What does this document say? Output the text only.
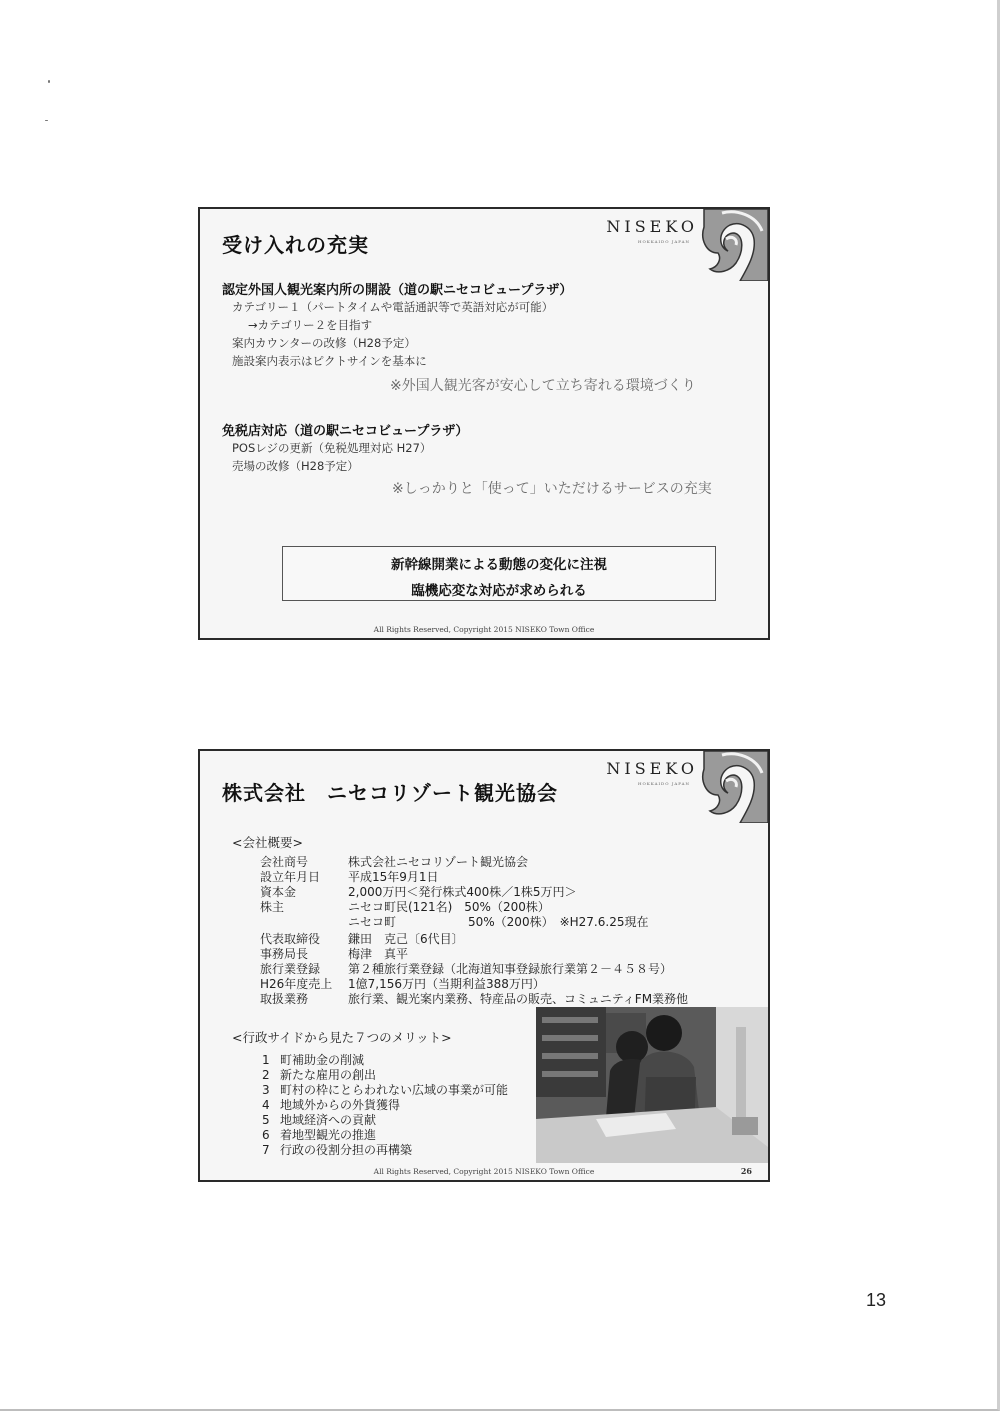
NISEKO
HOKKAIDO JAPAN
受け入れの充実
認定外国人観光案内所の開設（道の駅ニセコビュープラザ）
カテゴリー１（パートタイムや電話通訳等で英語対応が可能）
→カテゴリー２を目指す
案内カウンターの改修（H28予定）
施設案内表示はピクトサインを基本に
※外国人観光客が安心して立ち寄れる環境づくり
免税店対応（道の駅ニセコビュープラザ）
POSレジの更新（免税処理対応 H27）
売場の改修（H28予定）
※しっかりと「使って」いただけるサービスの充実
新幹線開業による動態の変化に注視
臨機応変な対応が求められる
All Rights Reserved, Copyright 2015 NISEKO Town Office
NISEKO
HOKKAIDO JAPAN
株式会社　ニセコリゾート観光協会
<会社概要>
会社商号	株式会社ニセコリゾート観光協会
設立年月日	平成15年9月1日
資本金	2,000万円＜発行株式400株／1株5万円＞
株主	ニセコ町民(121名)　50%（200株）
ニセコ町　　　　　　50%（200株）　※H27.6.25現在
代表取締役	鎌田　克己〔6代目〕
事務局長	梅津　真平
旅行業登録	第２種旅行業登録（北海道知事登録旅行業第２－４５８号）
H26年度売上	1億7,156万円（当期利益388万円）
取扱業務	旅行業、観光案内業務、特産品の販売、コミュニティFM業務他
<行政サイドから見た７つのメリット>
1 町補助金の削減
2 新たな雇用の創出
3 町村の枠にとらわれない広域の事業が可能
4 地域外からの外貨獲得
5 地域経済への貢献
6 着地型観光の推進
7 行政の役割分担の再構築
All Rights Reserved, Copyright 2015 NISEKO Town Office	26
13
